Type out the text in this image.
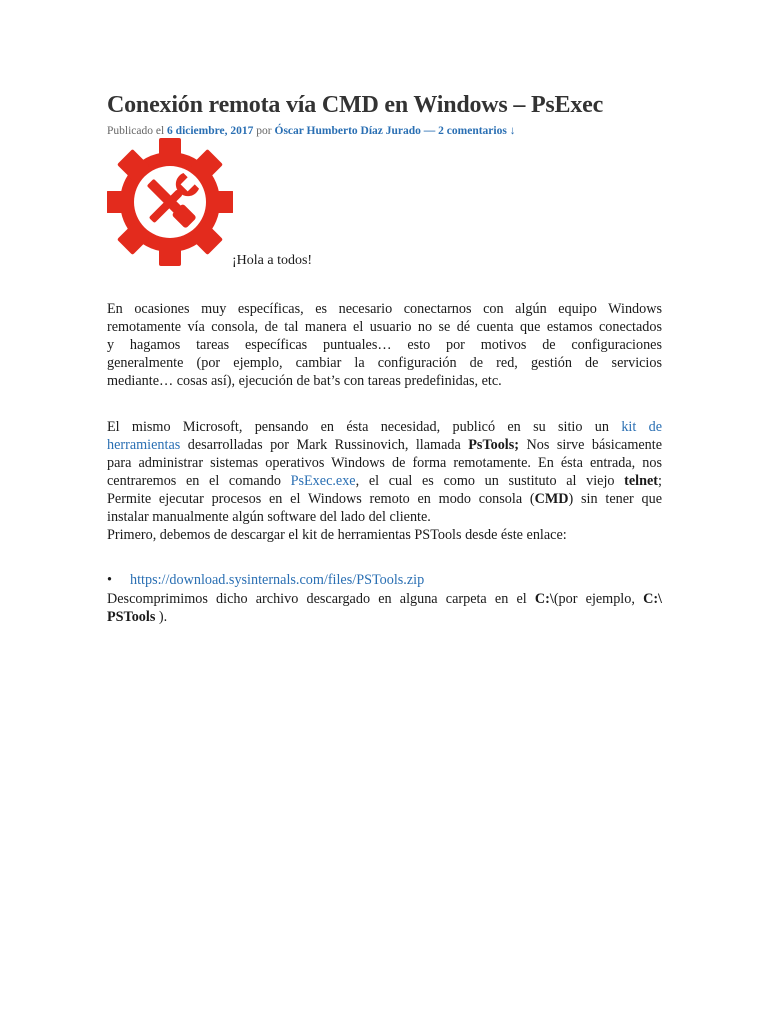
Conexión remota vía CMD en Windows – PsExec
Publicado el 6 diciembre, 2017 por Óscar Humberto Díaz Jurado — 2 comentarios ↓
¡Hola a todos!

En ocasiones muy específicas, es necesario conectarnos con algún equipo Windows
remotamente vía consola, de tal manera el usuario no se dé cuenta que estamos conectados
y hagamos tareas específicas puntuales… esto por motivos de configuraciones
generalmente (por ejemplo, cambiar la configuración de red, gestión de servicios
mediante… cosas así), ejecución de bat’s con tareas predefinidas, etc.

El mismo Microsoft, pensando en ésta necesidad, publicó en su sitio un kit de
herramientas desarrolladas por Mark Russinovich, llamada PsTools; Nos sirve básicamente
para administrar sistemas operativos Windows de forma remotamente. En ésta entrada, nos
centraremos en el comando PsExec.exe, el cual es como un sustituto al viejo telnet;
Permite ejecutar procesos en el Windows remoto en modo consola (CMD) sin tener que
instalar manualmente algún software del lado del cliente.
Primero, debemos de descargar el kit de herramientas PSTools desde éste enlace:

• https://download.sysinternals.com/files/PSTools.zip

Descomprimimos dicho archivo descargado en alguna carpeta en el C:\(por ejemplo, C:\
PSTools ).
